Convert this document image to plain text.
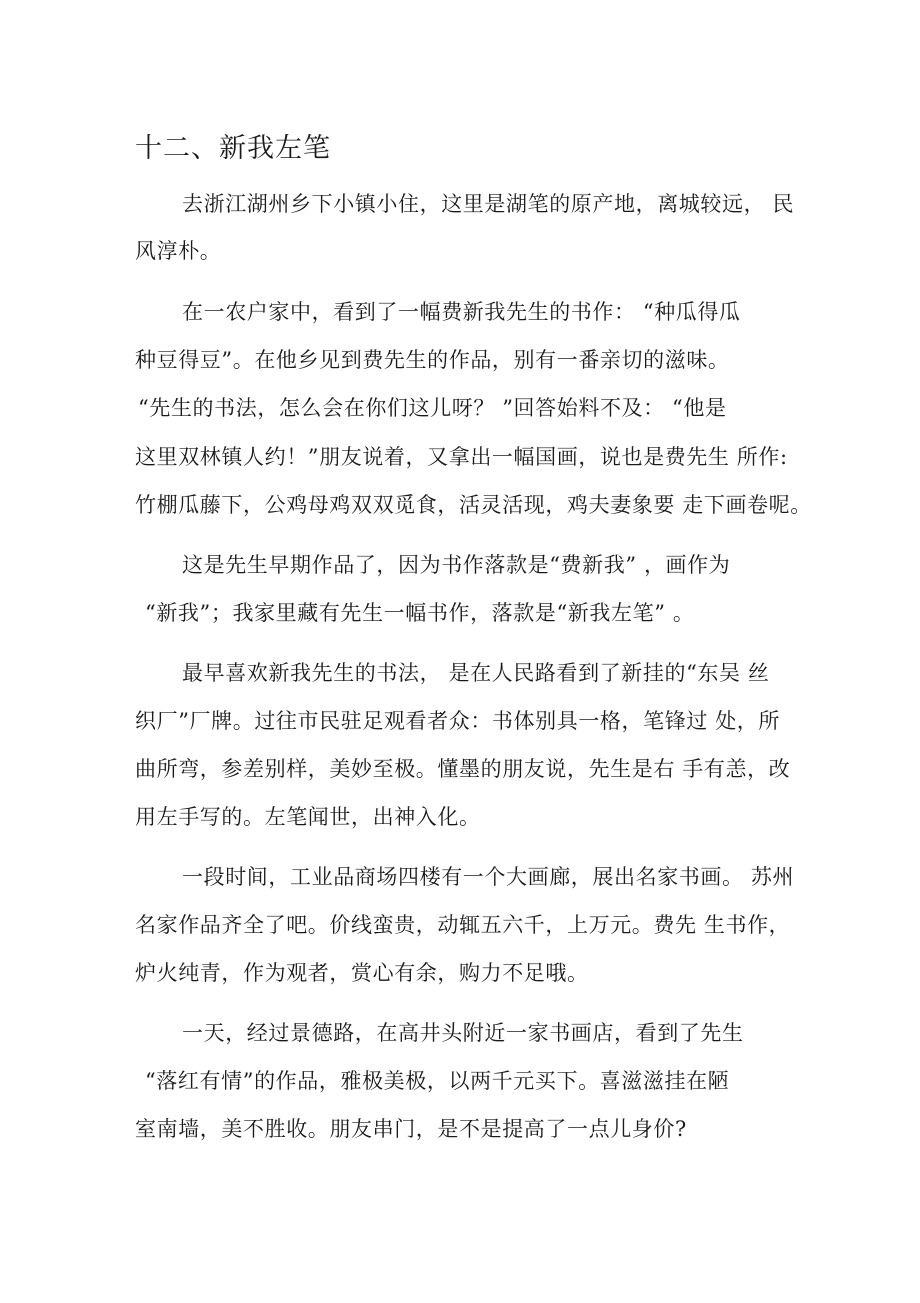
十二、新我左笔
去浙江湖州乡下小镇小住，这里是湖笔的原产地，离城较远， 民
风淳朴。
在一农户家中，看到了一幅费新我先生的书作： “种瓜得瓜
种豆得豆”。在他乡见到费先生的作品，别有一番亲切的滋味。
“先生的书法，怎么会在你们这儿呀？ ”回答始料不及： “他是
这里双林镇人约！”朋友说着，又拿出一幅国画，说也是费先生 所作:
竹棚瓜藤下，公鸡母鸡双双觅食，活灵活现，鸡夫妻象要 走下画卷呢。
这是先生早期作品了，因为书作落款是“费新我” ，画作为
“新我”；我家里藏有先生一幅书作，落款是“新我左笔” 。
最早喜欢新我先生的书法， 是在人民路看到了新挂的“东吴 丝
织厂”厂牌。过往市民驻足观看者众：书体别具一格，笔锋过 处，所
曲所弯，参差别样，美妙至极。懂墨的朋友说，先生是右 手有恙，改
用左手写的。左笔闻世，出神入化。
一段时间，工业品商场四楼有一个大画廊，展出名家书画。 苏州
名家作品齐全了吧。价线蛮贵，动辄五六千，上万元。费先 生书作，
炉火纯青，作为观者，赏心有余，购力不足哦。
一天，经过景德路，在高井头附近一家书画店，看到了先生
“落红有情”的作品，雅极美极，以两千元买下。喜滋滋挂在陋
室南墙，美不胜收。朋友串门，是不是提高了一点儿身价?
